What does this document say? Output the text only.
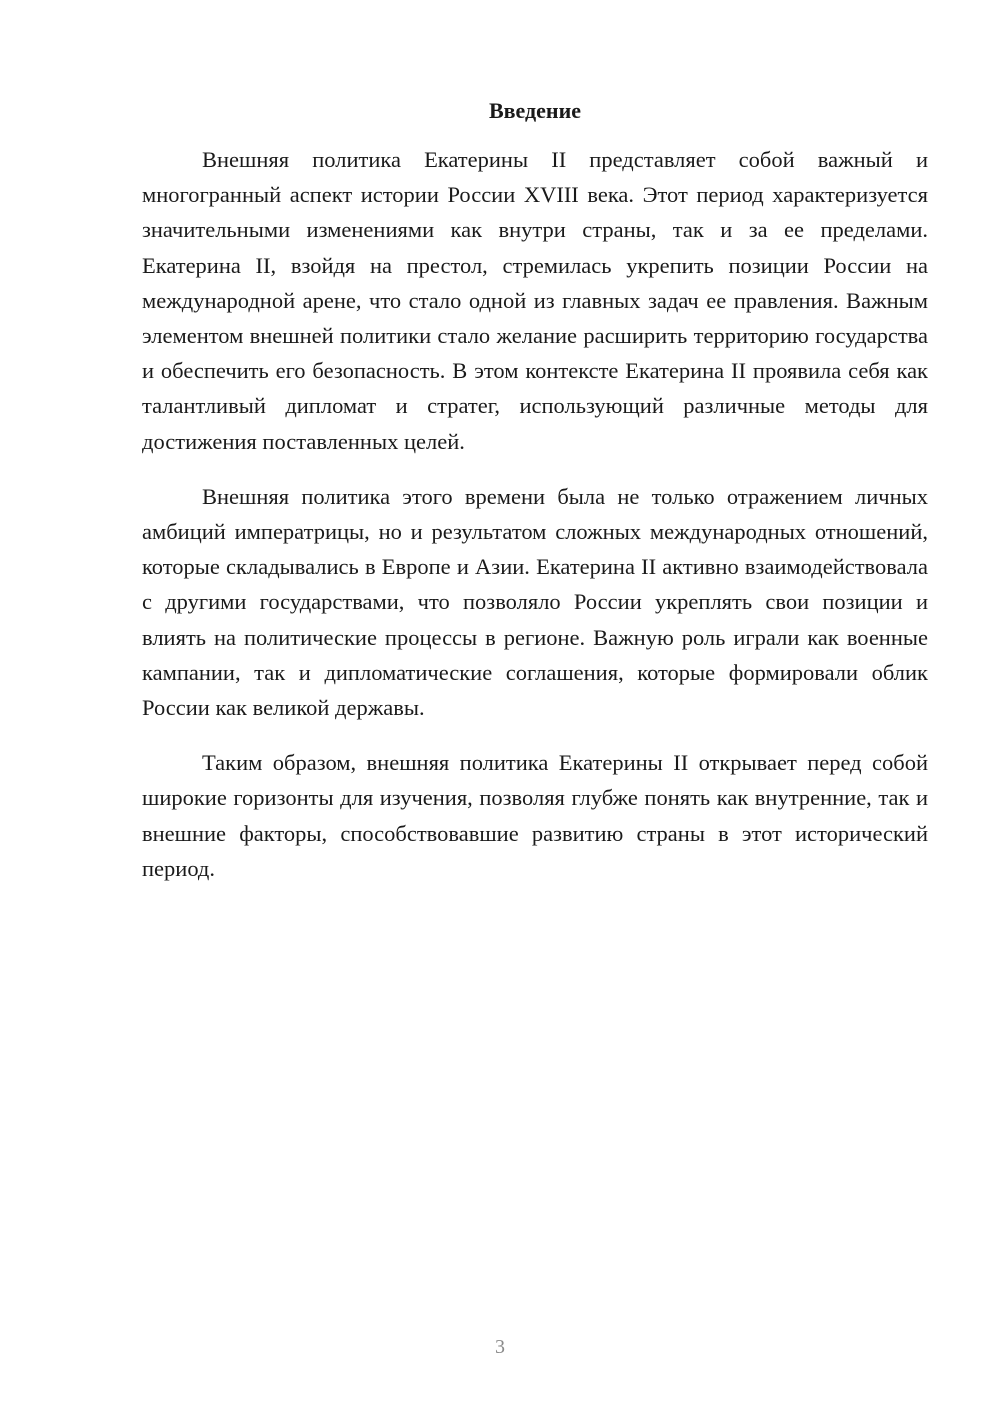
Введение

Внешняя политика Екатерины II представляет собой важный и многогранный аспект истории России XVIII века. Этот период характеризуется значительными изменениями как внутри страны, так и за ее пределами. Екатерина II, взойдя на престол, стремилась укрепить позиции России на международной арене, что стало одной из главных задач ее правления. Важным элементом внешней политики стало желание расширить территорию государства и обеспечить его безопасность. В этом контексте Екатерина II проявила себя как талантливый дипломат и стратег, использующий различные методы для достижения поставленных целей.

Внешняя политика этого времени была не только отражением личных амбиций императрицы, но и результатом сложных международных отношений, которые складывались в Европе и Азии. Екатерина II активно взаимодействовала с другими государствами, что позволяло России укреплять свои позиции и влиять на политические процессы в регионе. Важную роль играли как военные кампании, так и дипломатические соглашения, которые формировали облик России как великой державы.

Таким образом, внешняя политика Екатерины II открывает перед собой широкие горизонты для изучения, позволяя глубже понять как внутренние, так и внешние факторы, способствовавшие развитию страны в этот исторический период.

3
